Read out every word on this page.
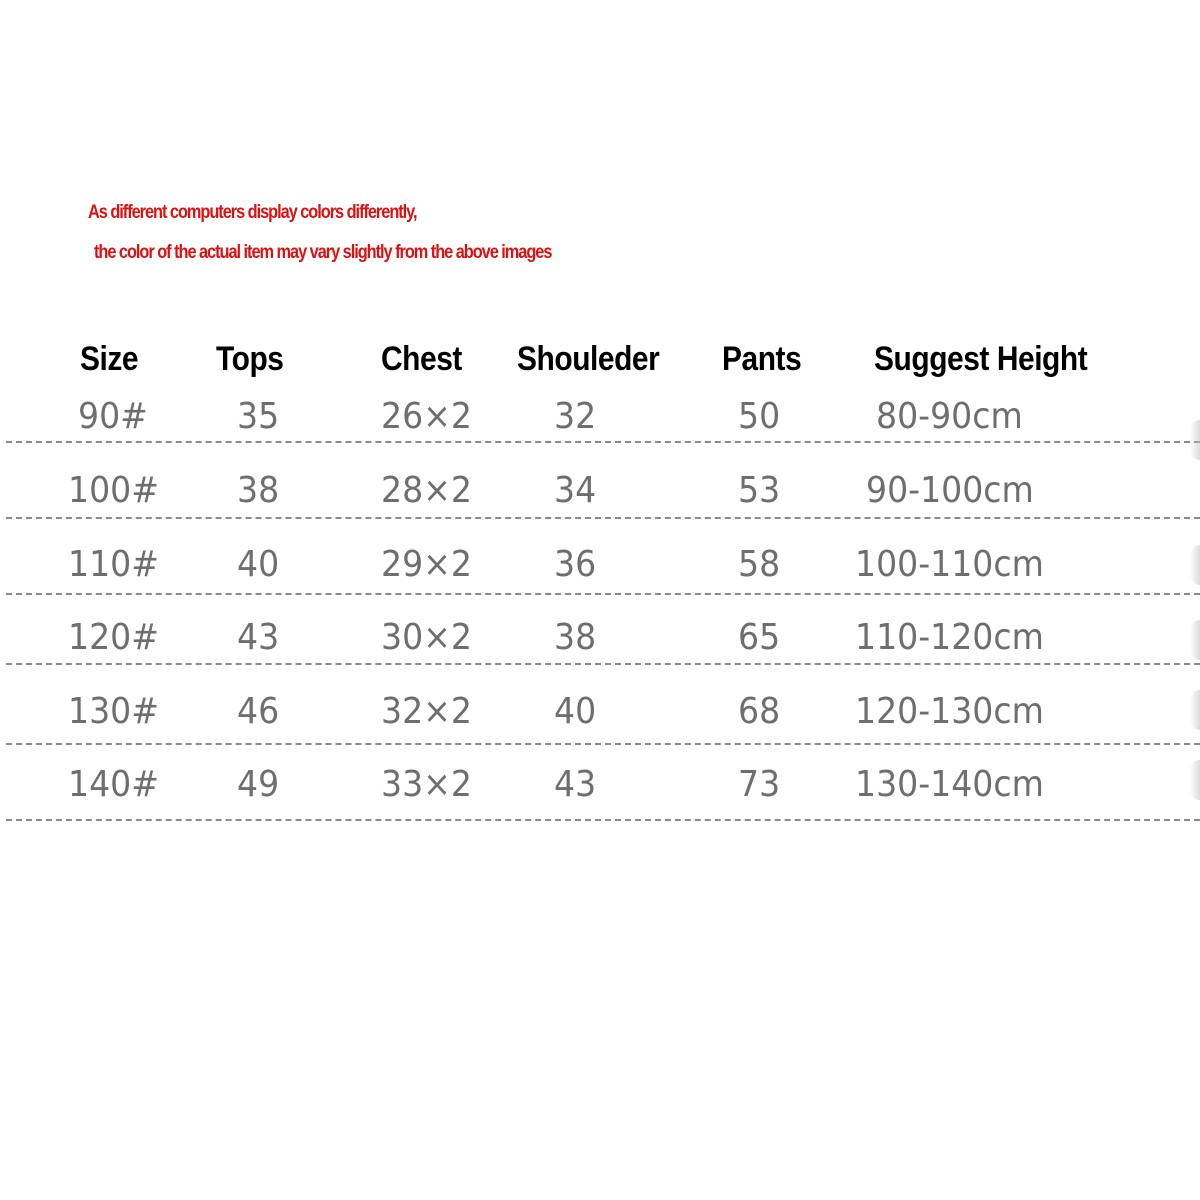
As different computers display colors differently,
the color of the actual item may vary slightly from the above images
Size Tops	Chest Shouleder Pants Suggest Height
90# 35	26×2 32	50	80-90cm
100# 38	28×2 34	53 90-100cm
110# 40	29×2 36	58 100-110cm
120# 43	30×2 38	65 110-120cm
130# 46	32×2 40	68 120-130cm
140# 49	33×2 43	73 130-140cm
